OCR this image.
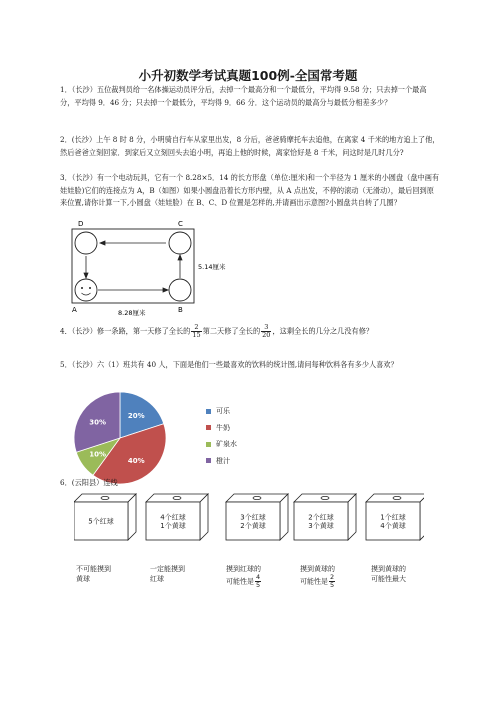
小升初数学考试真题100例-全国常考题
1．（长沙）五位裁判员给一名体操运动员评分后，去掉一个最高分和一个最低分，平均得 9.58 分；只去掉一个最高分，平均得 9．46 分；只去掉一个最低分，平均得 9．66 分．这个运动员的最高分与最低分相差多少？
2．(长沙）上午 8 时 8 分，小明骑自行车从家里出发，8 分后，爸爸骑摩托车去追他，在离家 4 千米的地方追上了他，然后爸爸立刻回家．到家后又立刻回头去追小明，再追上他的时候，离家恰好是 8 千米，问这时是几时几分?
3．（长沙）有一个电动玩具，它有一个 8.28×5．14 的长方形盘（单位:厘米)和一个半径为 1 厘米的小圆盘（盘中画有娃娃脸)它们的连接点为 A，B（如图）如果小圆盘沿着长方形内壁，从 A 点出发，不停的滚动（无滑动），最后回到原来位置,请你计算一下,小圆盘（娃娃脸）在 B、C、D 位置是怎样的,并请画出示意图?小圆盘共自转了几圈？
D	C
A	B
5.14厘米
8.28厘米
4．（长沙）修一条路，第一天修了全长的 $\frac{2}{15}$ 第二天修了全长的 $\frac{3}{20}$ ，这剩全长的几分之几没有修？
5．（长沙）六（1）班共有 40 人，下面是他们一些最喜欢的饮料的统计图,请问每种饮料各有多少人喜欢？
20%
40%
10%
30%
可乐
牛奶
矿泉水
橙汁
6．(云阳县）连线
5个红球
4个红球
1个黄球
3个红球
2个黄球
2个红球
3个黄球
1个红球
4个黄球
不可能摸到
黄球
一定能摸到
红球
摸到红球的
可能性是 $\frac{4}{5}$
摸到黄球的
可能性是 $\frac{2}{5}$
摸到黄球的
可能性最大
